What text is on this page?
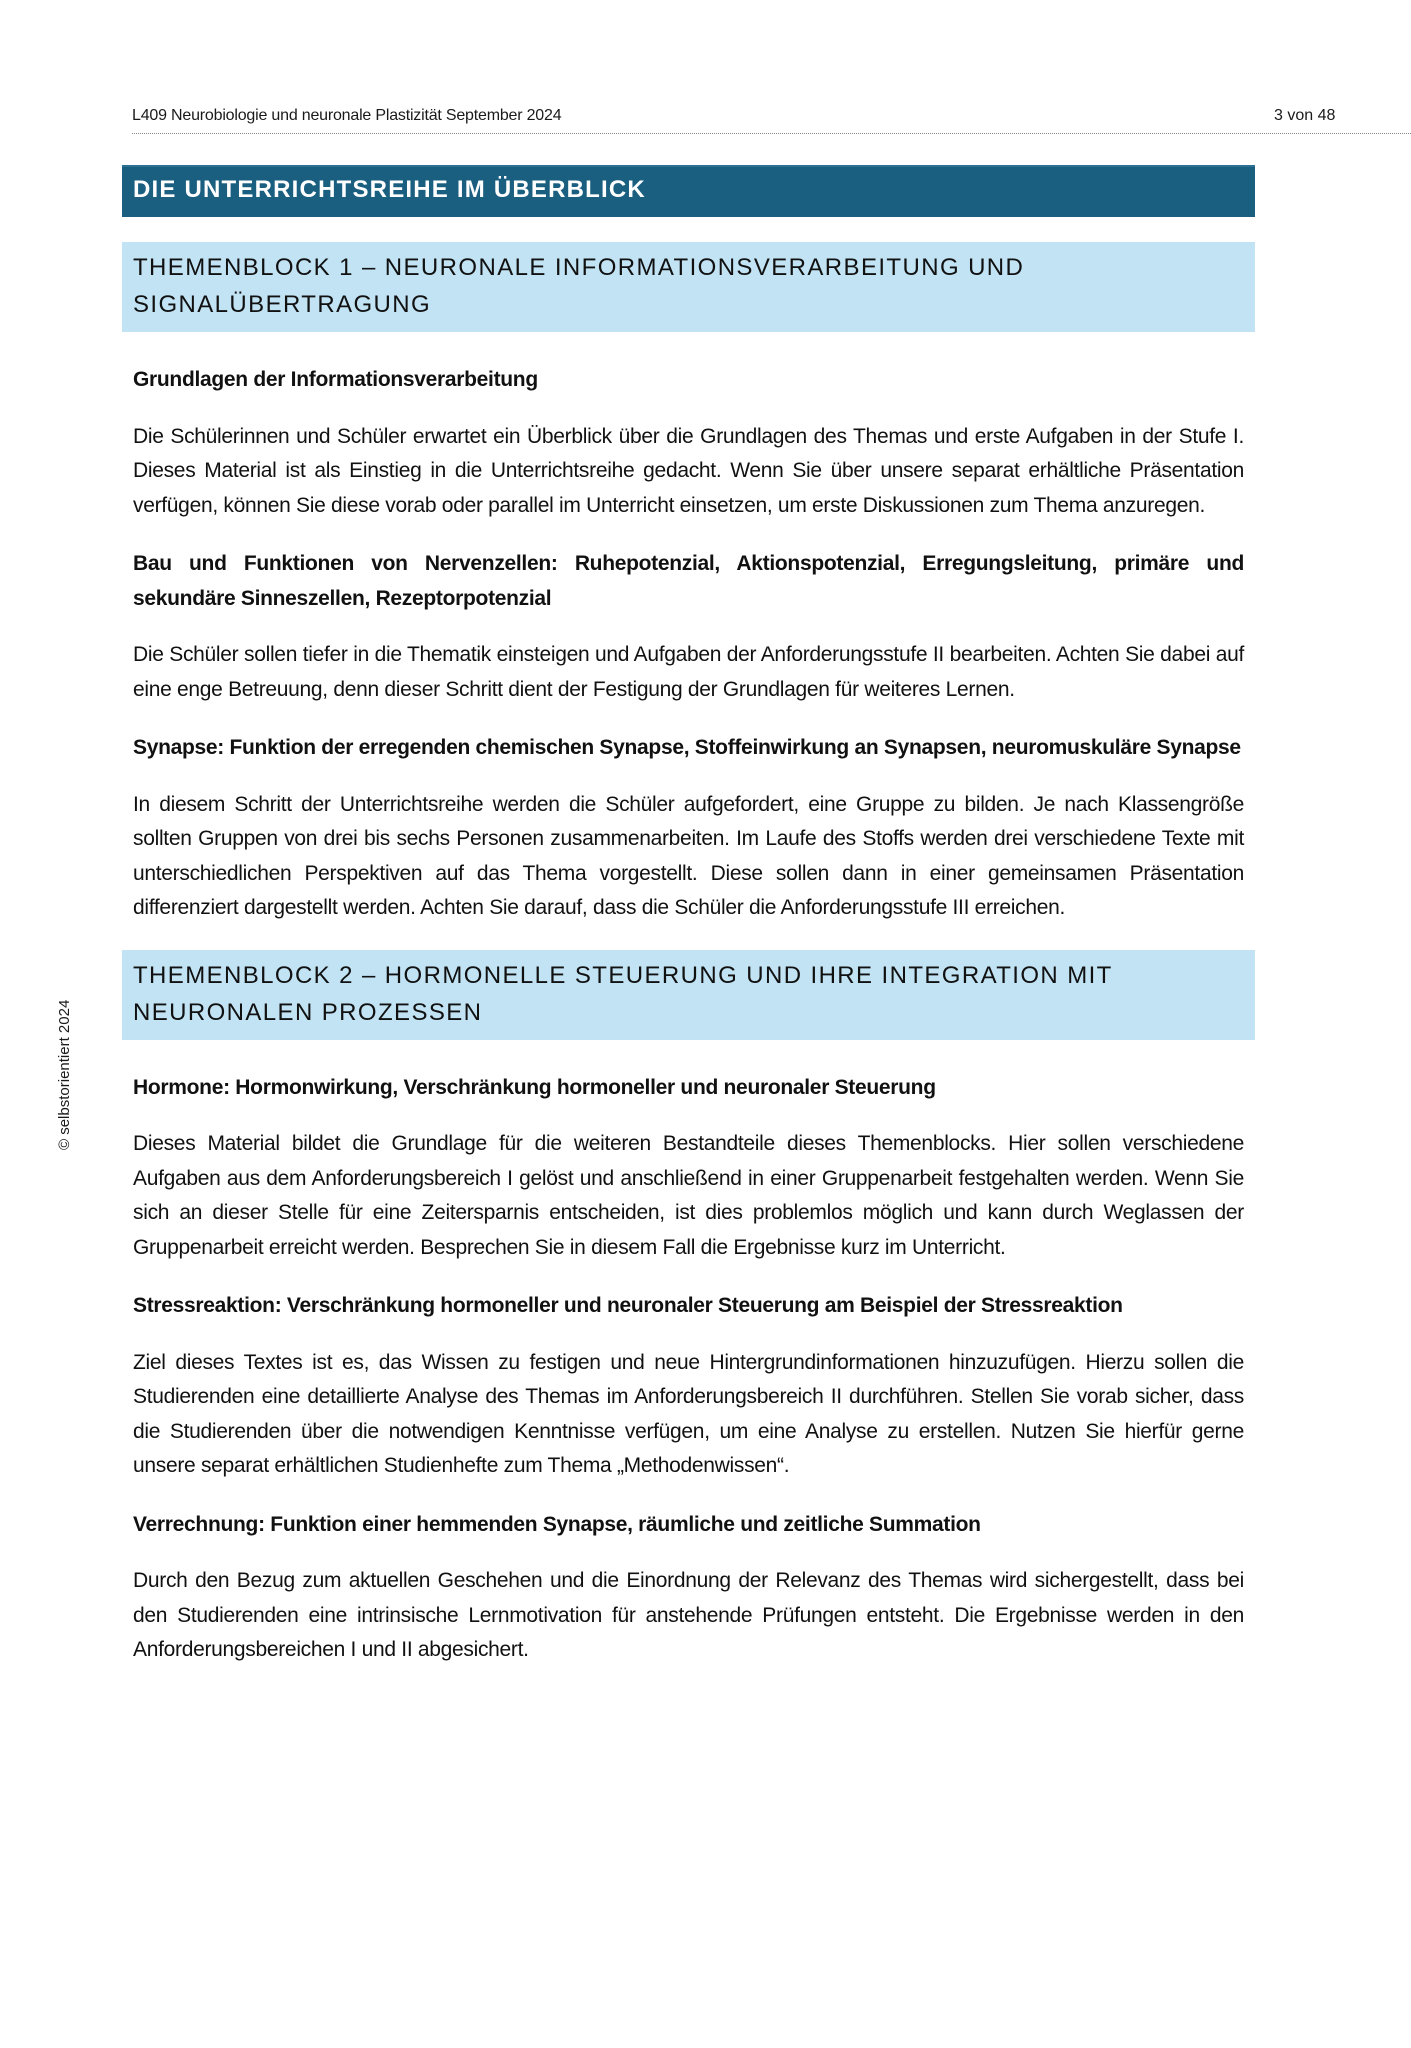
L409 Neurobiologie und neuronale Plastizität September 2024	3 von 48
© selbstorientiert 2024
DIE UNTERRICHTSREIHE IM ÜBERBLICK
THEMENBLOCK 1 – NEURONALE INFORMATIONSVERARBEITUNG UND
SIGNALÜBERTRAGUNG
Grundlagen der Informationsverarbeitung

Die Schülerinnen und Schüler erwartet ein Überblick über die Grundlagen des Themas und erste Aufgaben in der Stufe I. Dieses Material ist als Einstieg in die Unterrichtsreihe gedacht. Wenn Sie über unsere separat erhältliche Präsentation verfügen, können Sie diese vorab oder parallel im Unterricht einsetzen, um erste Diskussionen zum Thema anzuregen.

Bau und Funktionen von Nervenzellen: Ruhepotenzial, Aktionspotenzial, Erregungsleitung, primäre und sekundäre Sinneszellen, Rezeptorpotenzial

Die Schüler sollen tiefer in die Thematik einsteigen und Aufgaben der Anforderungsstufe II bearbeiten. Achten Sie dabei auf eine enge Betreuung, denn dieser Schritt dient der Festigung der Grundlagen für weiteres Lernen.

Synapse: Funktion der erregenden chemischen Synapse, Stoffeinwirkung an Synapsen, neuromuskuläre Synapse

In diesem Schritt der Unterrichtsreihe werden die Schüler aufgefordert, eine Gruppe zu bilden. Je nach Klassengröße sollten Gruppen von drei bis sechs Personen zusammenarbeiten. Im Laufe des Stoffs werden drei verschiedene Texte mit unterschiedlichen Perspektiven auf das Thema vorgestellt. Diese sollen dann in einer gemeinsamen Präsentation differenziert dargestellt werden. Achten Sie darauf, dass die Schüler die Anforderungsstufe III erreichen.

THEMENBLOCK 2 – HORMONELLE STEUERUNG UND IHRE INTEGRATION MIT
NEURONALEN PROZESSEN
Hormone: Hormonwirkung, Verschränkung hormoneller und neuronaler Steuerung

Dieses Material bildet die Grundlage für die weiteren Bestandteile dieses Themenblocks. Hier sollen verschiedene Aufgaben aus dem Anforderungsbereich I gelöst und anschließend in einer Gruppenarbeit festgehalten werden. Wenn Sie sich an dieser Stelle für eine Zeitersparnis entscheiden, ist dies problemlos möglich und kann durch Weglassen der Gruppenarbeit erreicht werden. Besprechen Sie in diesem Fall die Ergebnisse kurz im Unterricht.

Stressreaktion: Verschränkung hormoneller und neuronaler Steuerung am Beispiel der Stressreaktion

Ziel dieses Textes ist es, das Wissen zu festigen und neue Hintergrundinformationen hinzuzufügen. Hierzu sollen die Studierenden eine detaillierte Analyse des Themas im Anforderungsbereich II durchführen. Stellen Sie vorab sicher, dass die Studierenden über die notwendigen Kenntnisse verfügen, um eine Analyse zu erstellen. Nutzen Sie hierfür gerne unsere separat erhältlichen Studienhefte zum Thema „Methodenwissen“.

Verrechnung: Funktion einer hemmenden Synapse, räumliche und zeitliche Summation

Durch den Bezug zum aktuellen Geschehen und die Einordnung der Relevanz des Themas wird sichergestellt, dass bei den Studierenden eine intrinsische Lernmotivation für anstehende Prüfungen entsteht. Die Ergebnisse werden in den Anforderungsbereichen I und II abgesichert.
